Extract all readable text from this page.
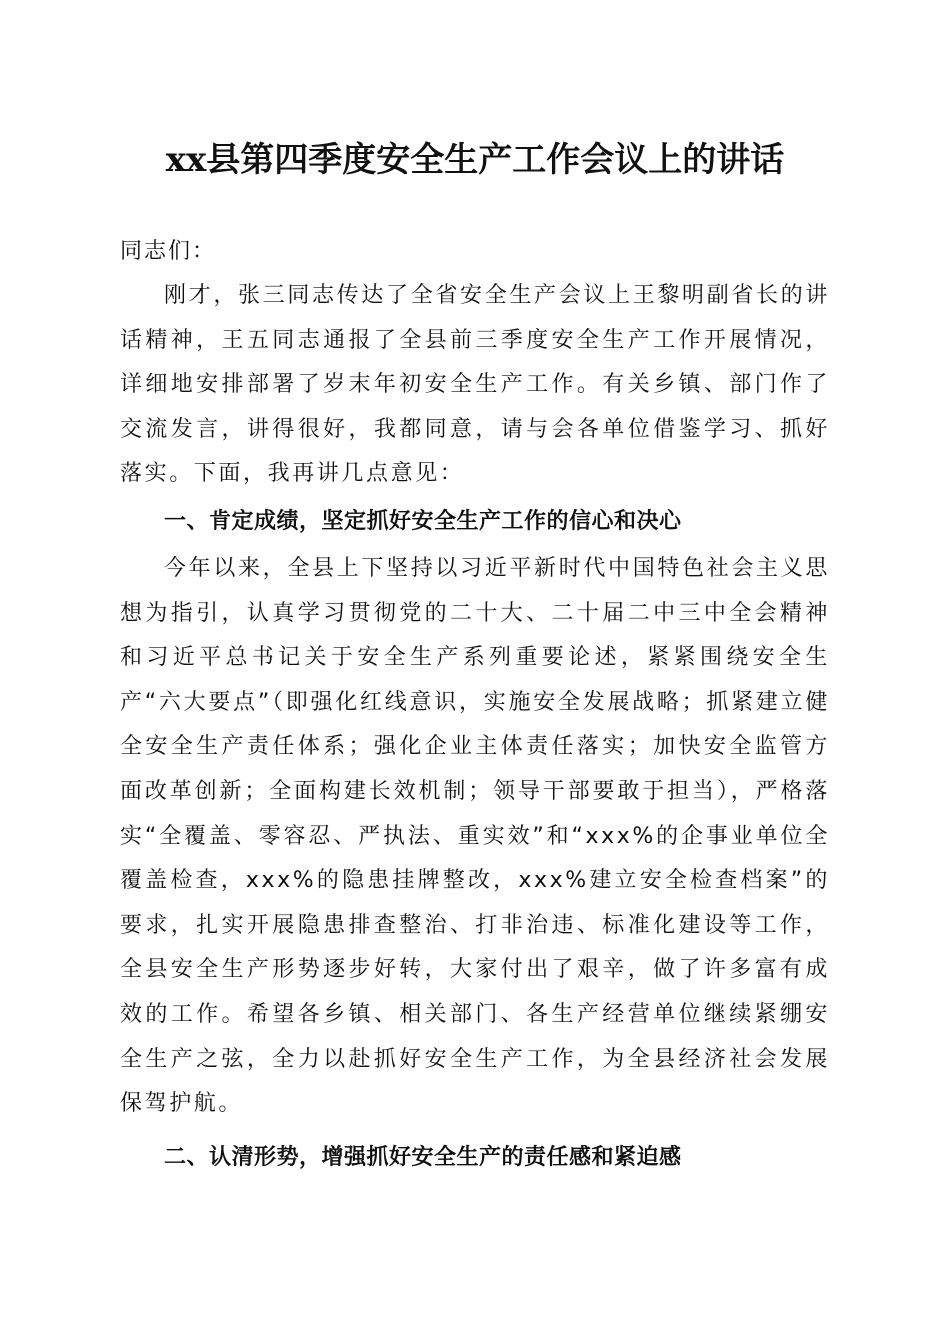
xx县第四季度安全生产工作会议上的讲话

同志们：

刚才，张三同志传达了全省安全生产会议上王黎明副省长的讲话精神，王五同志通报了全县前三季度安全生产工作开展情况，详细地安排部署了岁末年初安全生产工作。有关乡镇、部门作了交流发言，讲得很好，我都同意，请与会各单位借鉴学习、抓好落实。下面，我再讲几点意见：

一、肯定成绩，坚定抓好安全生产工作的信心和决心

今年以来，全县上下坚持以习近平新时代中国特色社会主义思想为指引，认真学习贯彻党的二十大、二十届二中三中全会精神和习近平总书记关于安全生产系列重要论述，紧紧围绕安全生产“六大要点”（即强化红线意识，实施安全发展战略；抓紧建立健全安全生产责任体系；强化企业主体责任落实；加快安全监管方面改革创新；全面构建长效机制；领导干部要敢于担当），严格落实“全覆盖、零容忍、严执法、重实效”和“xxx%的企事业单位全覆盖检查，xxx%的隐患挂牌整改，xxx%建立安全检查档案”的要求，扎实开展隐患排查整治、打非治违、标准化建设等工作，全县安全生产形势逐步好转，大家付出了艰辛，做了许多富有成效的工作。希望各乡镇、相关部门、各生产经营单位继续紧绷安全生产之弦，全力以赴抓好安全生产工作，为全县经济社会发展保驾护航。

二、认清形势，增强抓好安全生产的责任感和紧迫感
